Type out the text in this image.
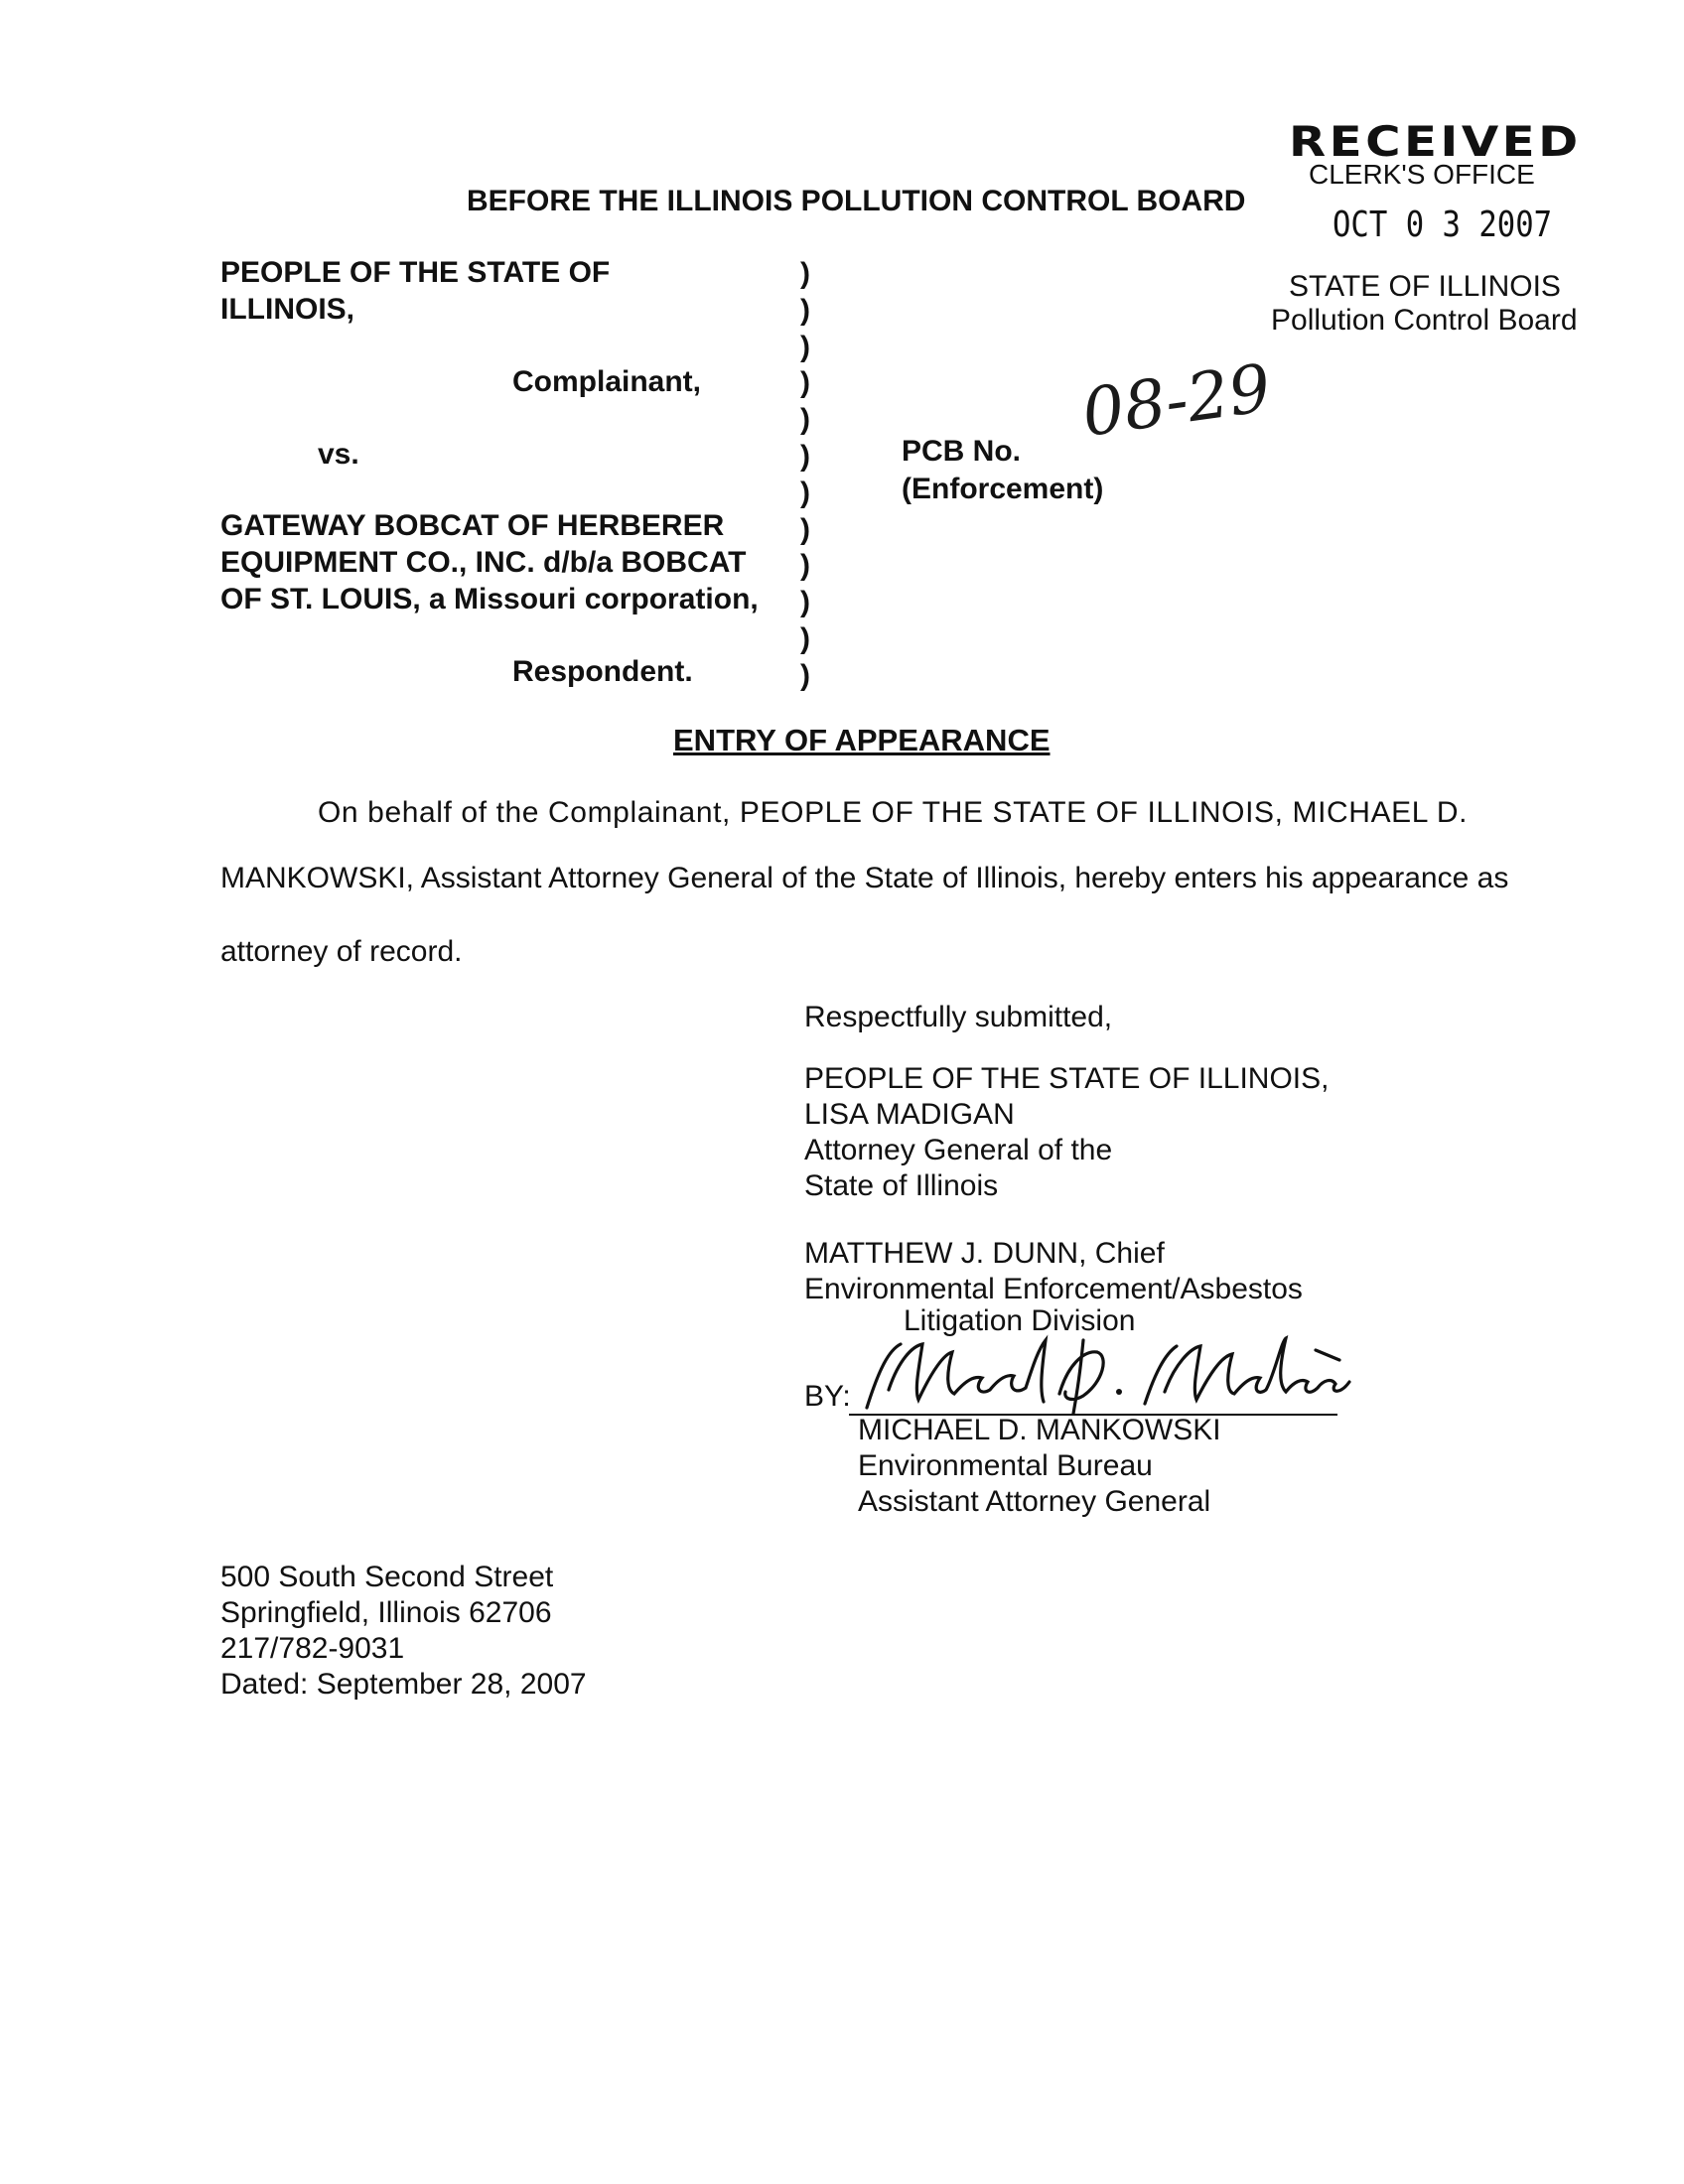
RECEIVED
CLERK'S OFFICE
OCT 0 3 2007
STATE OF ILLINOIS
Pollution Control Board
BEFORE THE ILLINOIS POLLUTION CONTROL BOARD
PEOPLE OF THE STATE OF
ILLINOIS,
Complainant,
vs.
GATEWAY BOBCAT OF HERBERER
EQUIPMENT CO., INC. d/b/a BOBCAT
OF ST. LOUIS, a Missouri corporation,
Respondent.
)
)
)
)
)
)
)
)
)
)
)
)
PCB No. 08-29
(Enforcement)
ENTRY OF APPEARANCE
On behalf of the Complainant, PEOPLE OF THE STATE OF ILLINOIS, MICHAEL D.
MANKOWSKI, Assistant Attorney General of the State of Illinois, hereby enters his appearance as
attorney of record.
Respectfully submitted,
PEOPLE OF THE STATE OF ILLINOIS,
LISA MADIGAN
Attorney General of the
State of Illinois
MATTHEW J. DUNN, Chief
Environmental Enforcement/Asbestos
Litigation Division
BY:
MICHAEL D. MANKOWSKI
Environmental Bureau
Assistant Attorney General
500 South Second Street
Springfield, Illinois 62706
217/782-9031
Dated: September 28, 2007
